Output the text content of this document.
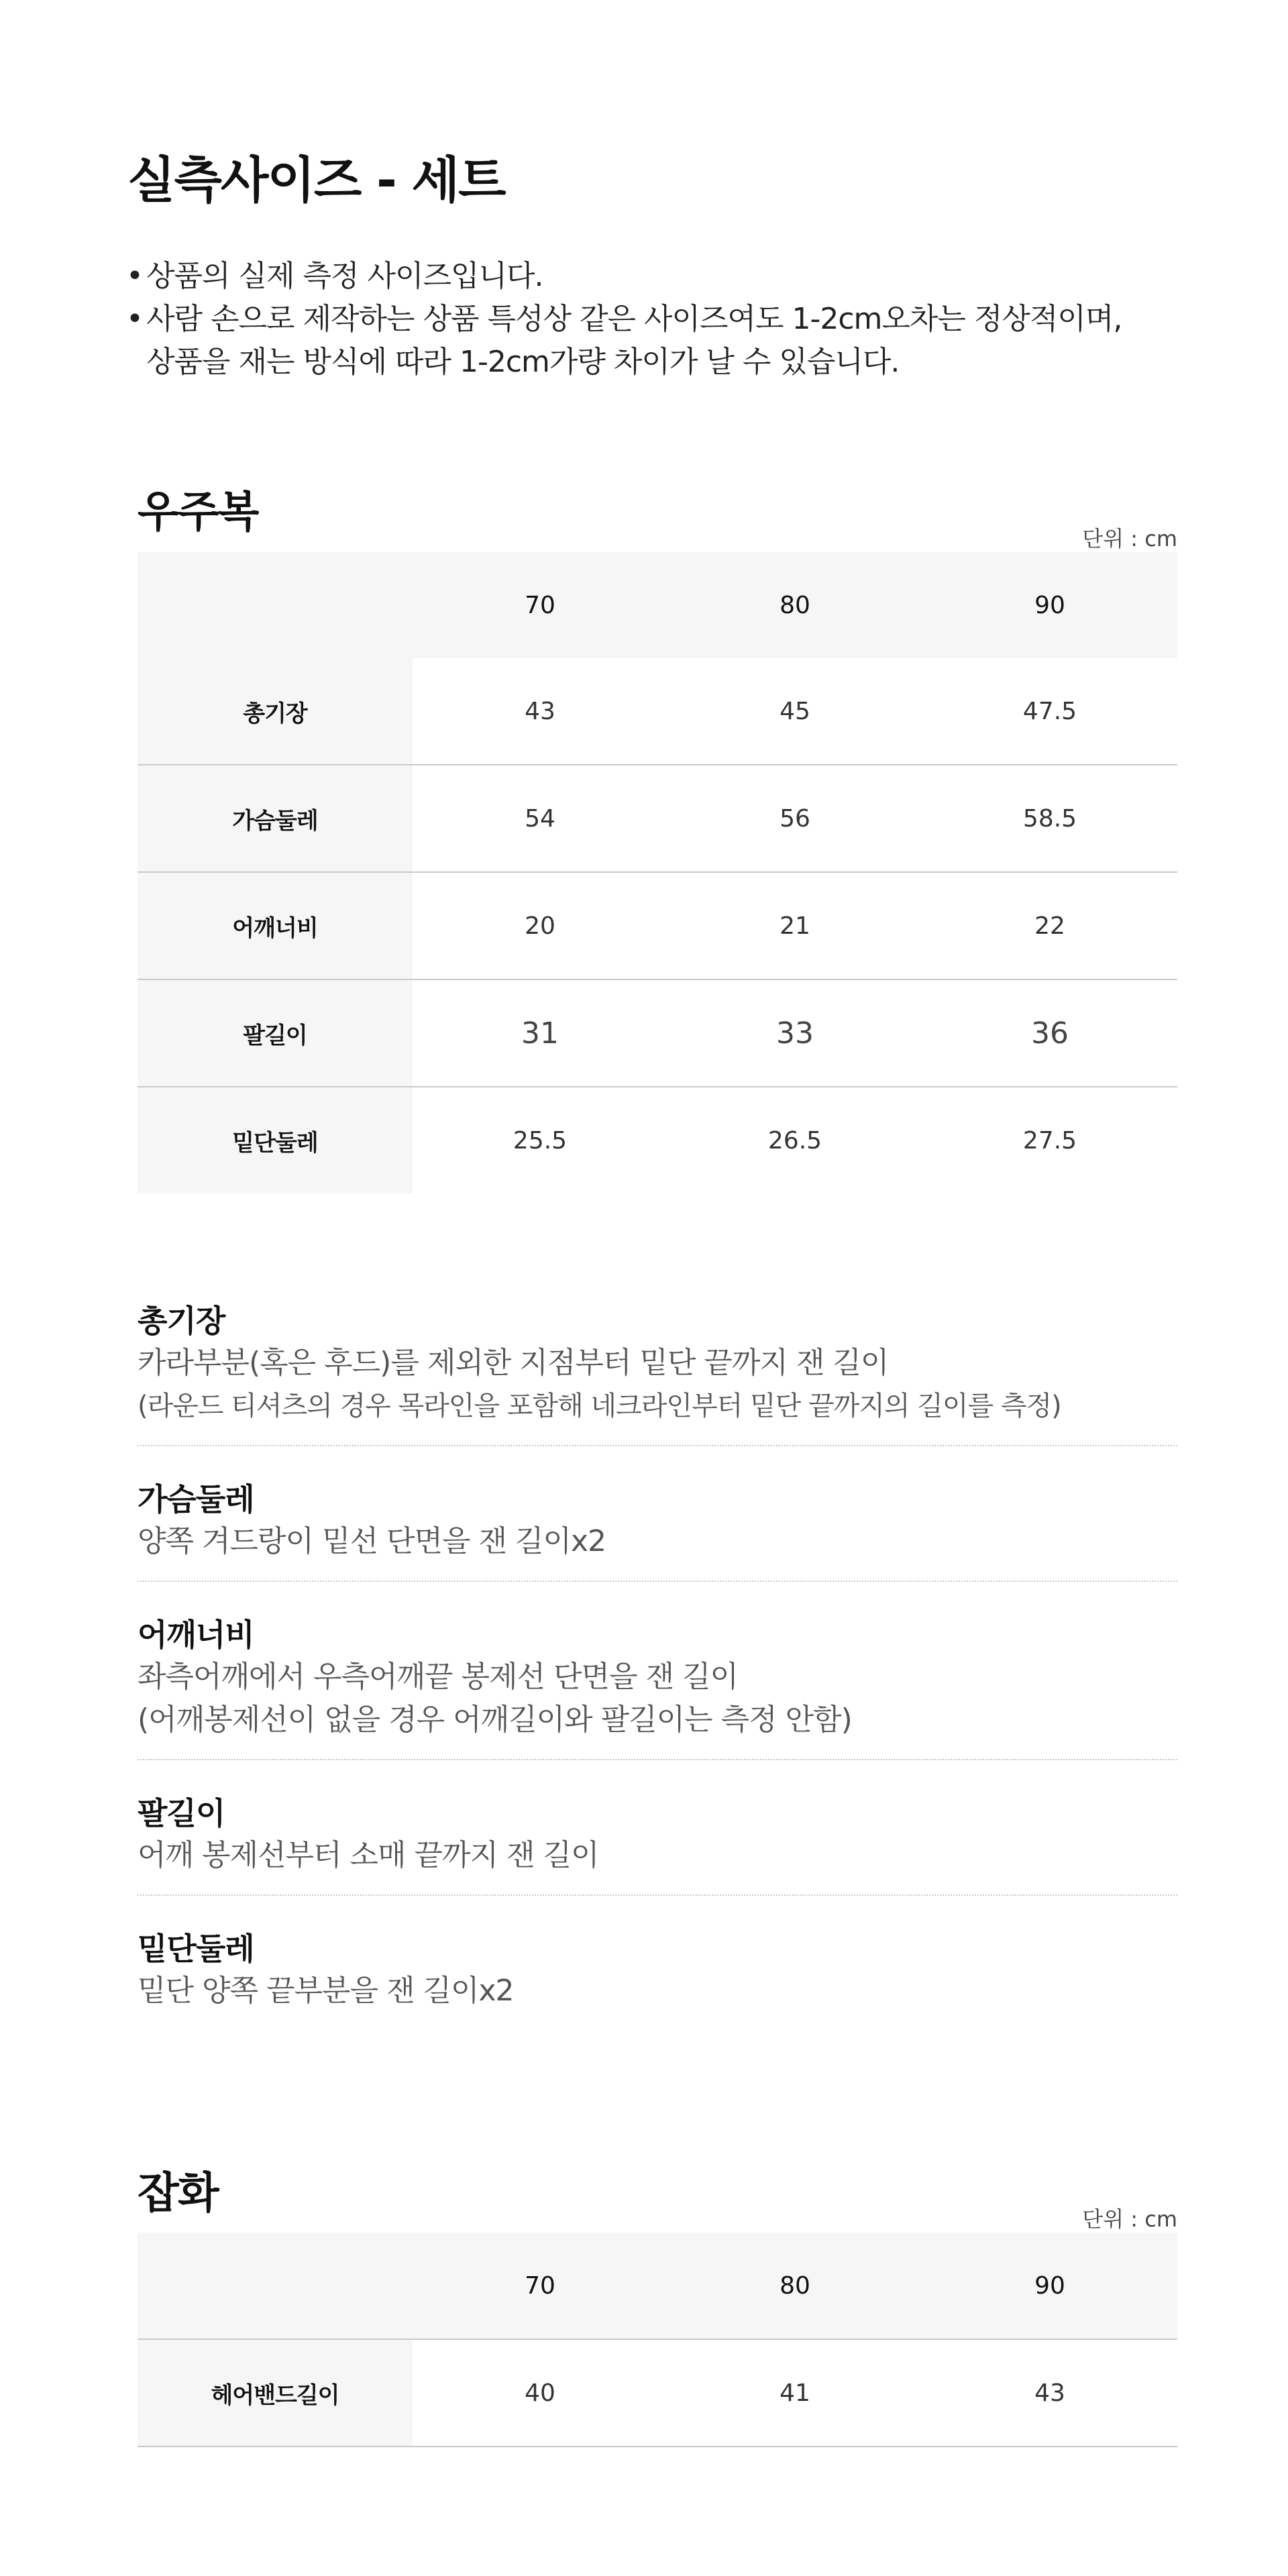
실측사이즈 - 세트
• 상품의 실제 측정 사이즈입니다.
• 사람 손으로 제작하는 상품 특성상 같은 사이즈여도 1-2cm오차는 정상적이며,
상품을 재는 방식에 따라 1-2cm가량 차이가 날 수 있습니다.
우주복
단위 : cm
	70	80	90
총기장	43	45	47.5
가슴둘레	54	56	58.5
어깨너비	20	21	22
팔길이	31	33	36
밑단둘레	25.5	26.5	27.5
총기장
카라부분(혹은 후드)를 제외한 지점부터 밑단 끝까지 잰 길이
(라운드 티셔츠의 경우 목라인을 포함해 네크라인부터 밑단 끝까지의 길이를 측정)
가슴둘레
양쪽 겨드랑이 밑선 단면을 잰 길이x2
어깨너비
좌측어깨에서 우측어깨끝 봉제선 단면을 잰 길이
(어깨봉제선이 없을 경우 어깨길이와 팔길이는 측정 안함)
팔길이
어깨 봉제선부터 소매 끝까지 잰 길이
밑단둘레
밑단 양쪽 끝부분을 잰 길이x2
잡화
단위 : cm
	70	80	90
헤어밴드길이	40	41	43
